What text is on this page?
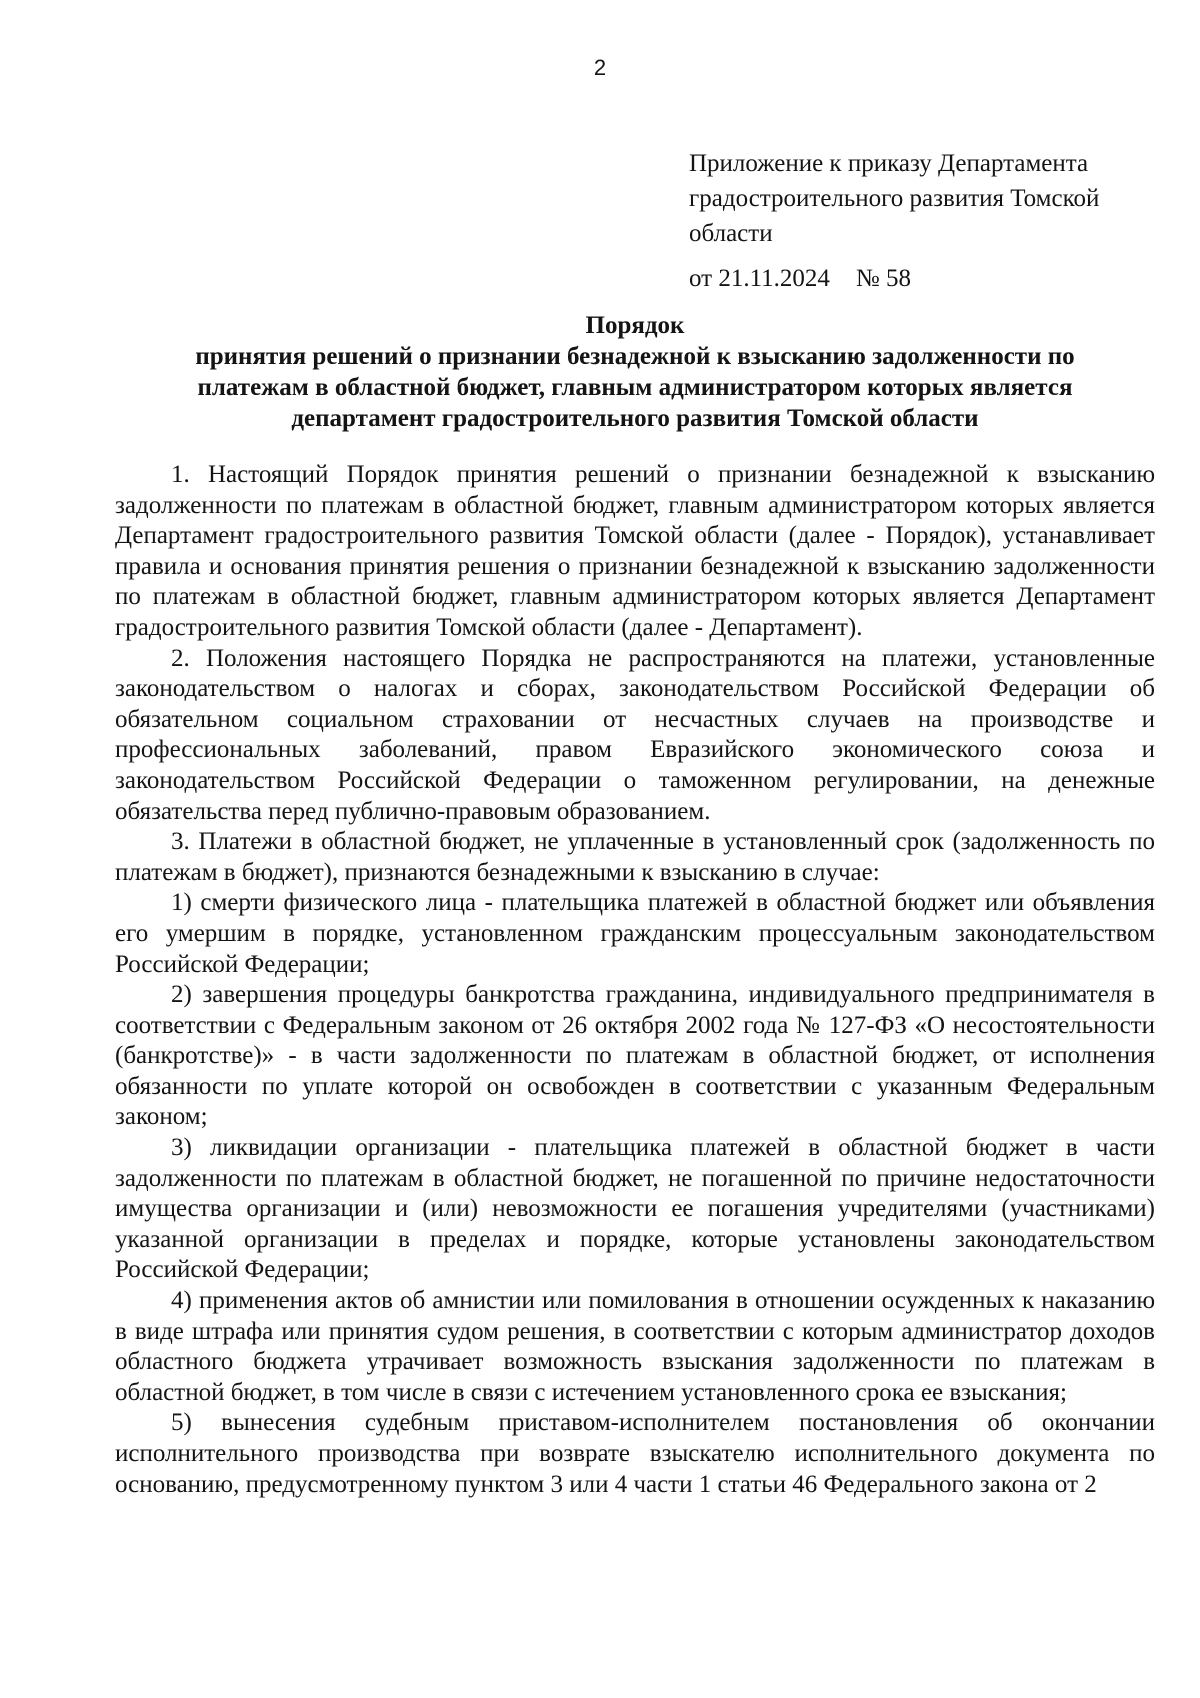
2
Приложение к приказу Департамента градостроительного развития Томской области
от 21.11.2024 № 58
Порядок
принятия решений о признании безнадежной к взысканию задолженности по
платежам в областной бюджет, главным администратором которых является
департамент градостроительного развития Томской области

1. Настоящий Порядок принятия решений о признании безнадежной к взысканию задолженности по платежам в областной бюджет, главным администратором которых является Департамент градостроительного развития Томской области (далее - Порядок), устанавливает правила и основания принятия решения о признании безнадежной к взысканию задолженности по платежам в областной бюджет, главным администратором которых является Департамент градостроительного развития Томской области (далее - Департамент).

2. Положения настоящего Порядка не распространяются на платежи, установленные законодательством о налогах и сборах, законодательством Российской Федерации об обязательном социальном страховании от несчастных случаев на производстве и профессиональных заболеваний, правом Евразийского экономического союза и законодательством Российской Федерации о таможенном регулировании, на денежные обязательства перед публично-правовым образованием.

3. Платежи в областной бюджет, не уплаченные в установленный срок (задолженность по платежам в бюджет), признаются безнадежными к взысканию в случае:

1) смерти физического лица - плательщика платежей в областной бюджет или объявления его умершим в порядке, установленном гражданским процессуальным законодательством Российской Федерации;

2) завершения процедуры банкротства гражданина, индивидуального предпринимателя в соответствии с Федеральным законом от 26 октября 2002 года № 127-ФЗ «О несостоятельности (банкротстве)» - в части задолженности по платежам в областной бюджет, от исполнения обязанности по уплате которой он освобожден в соответствии с указанным Федеральным законом;

3) ликвидации организации - плательщика платежей в областной бюджет в части задолженности по платежам в областной бюджет, не погашенной по причине недостаточности имущества организации и (или) невозможности ее погашения учредителями (участниками) указанной организации в пределах и порядке, которые установлены законодательством Российской Федерации;

4) применения актов об амнистии или помилования в отношении осужденных к наказанию в виде штрафа или принятия судом решения, в соответствии с которым администратор доходов областного бюджета утрачивает возможность взыскания задолженности по платежам в областной бюджет, в том числе в связи с истечением установленного срока ее взыскания;

5) вынесения судебным приставом-исполнителем постановления об окончании исполнительного производства при возврате взыскателю исполнительного документа по основанию, предусмотренному пунктом 3 или 4 части 1 статьи 46 Федерального закона от 2
